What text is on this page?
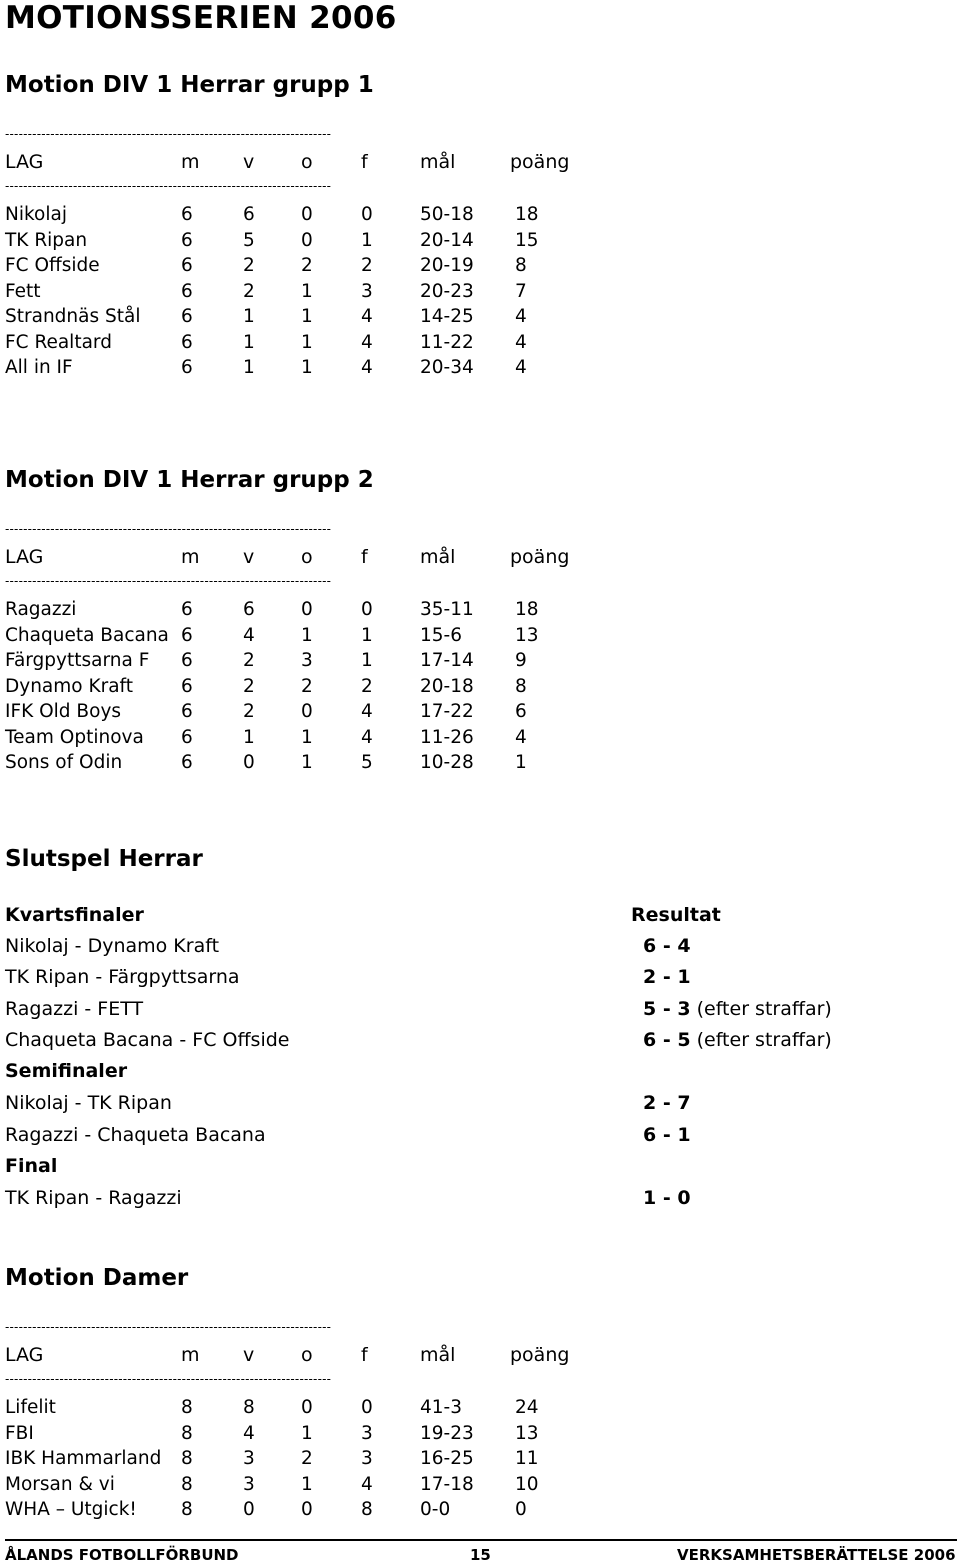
MOTIONSSERIEN 2006
Motion DIV 1 Herrar grupp 1
------------------------------------------------------------------------
LAG	m v o	f	mål	poäng
------------------------------------------------------------------------
Nikolaj	6	6 0	0	50-18 18
TK Ripan	6	5 0	1	20-14 15
FC Offside	6	2 2	2	20-19 8
Fett	6	2 1	3	20-23 7
Strandnäs Stål 6	1 1	4	14-25 4
FC Realtard	6	1 1	4	11-22 4
All in IF	6	1 1	4	20-34 4
Motion DIV 1 Herrar grupp 2
------------------------------------------------------------------------
LAG	m v o	f	mål	poäng
------------------------------------------------------------------------
Ragazzi	6	6 0	0	35-11 18
Chaqueta Bacana 6	4 1	1	15-6	13
Färgpyttsarna F 6	2 3	1	17-14 9
Dynamo Kraft	6	2 2	2	20-18 8
IFK Old Boys	6	2 0	4	17-22 6
Team Optinova 6	1 1	4	11-26 4
Sons of Odin	6	0 1	5	10-28 1
Slutspel Herrar
Kvartsfinaler	Resultat
Nikolaj - Dynamo Kraft	6 - 4
TK Ripan - Färgpyttsarna	2 - 1
Ragazzi - FETT	5 - 3 (efter straffar)
Chaqueta Bacana - FC Offside	6 - 5 (efter straffar)
Semifinaler
Nikolaj - TK Ripan	2 - 7
Ragazzi - Chaqueta Bacana	6 - 1
Final
TK Ripan - Ragazzi	1 - 0
Motion Damer
------------------------------------------------------------------------
LAG	m v o	f	mål	poäng
------------------------------------------------------------------------
Lifelit	8	8 0	0	41-3	24
FBI	8	4 1	3	19-23 13
IBK Hammarland 8	3 2	3	16-25 11
Morsan & vi	8	3 1	4	17-18 10
WHA – Utgick! 8	0 0	8	0-0	0
ÅLANDS FOTBOLLFÖRBUND	15	VERKSAMHETSBERÄTTELSE 2006
